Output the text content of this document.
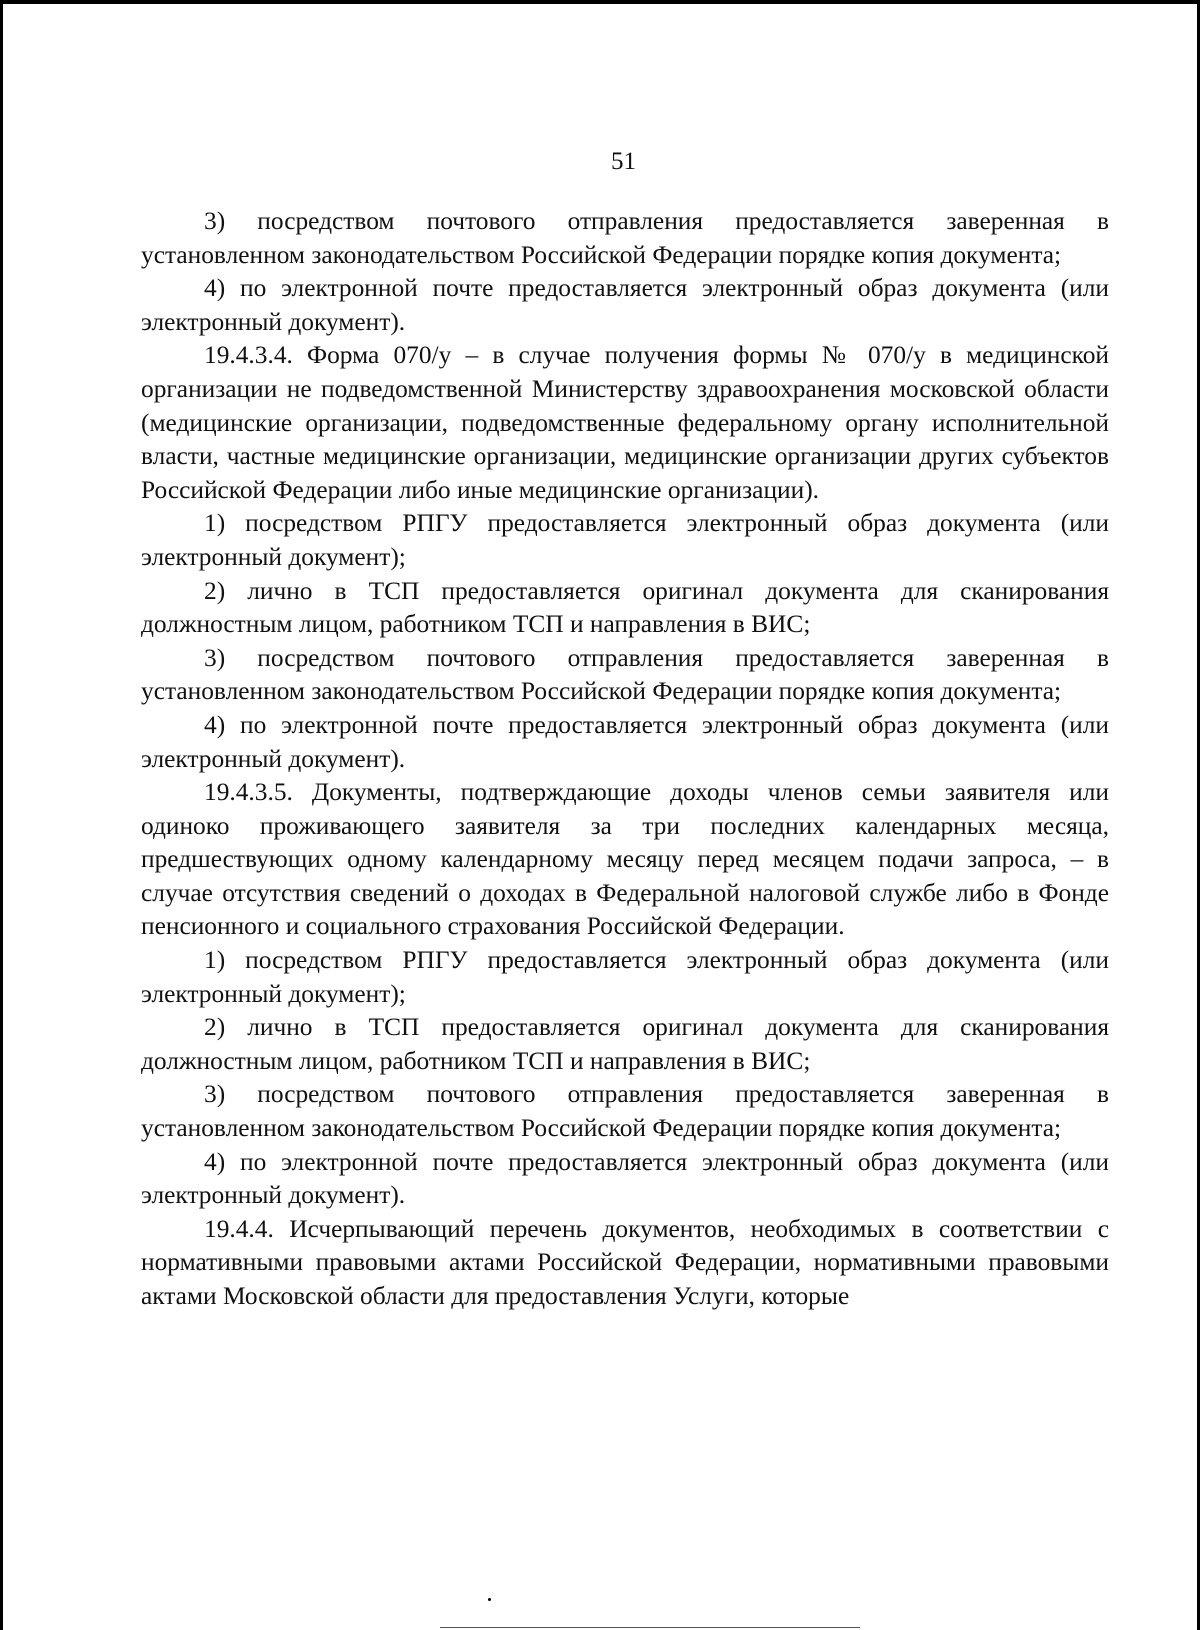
51

3) посредством почтового отправления предоставляется заверенная в установленном законодательством Российской Федерации порядке копия документа;

4) по электронной почте предоставляется электронный образ документа (или электронный документ).

19.4.3.4. Форма 070/у – в случае получения формы № 070/у в медицинской организации не подведомственной Министерству здравоохранения московской области (медицинские организации, подведомственные федеральному органу исполнительной власти, частные медицинские организации, медицинские организации других субъектов Российской Федерации либо иные медицинские организации).

1) посредством РПГУ предоставляется электронный образ документа (или электронный документ);

2) лично в ТСП предоставляется оригинал документа для сканирования должностным лицом, работником ТСП и направления в ВИС;

3) посредством почтового отправления предоставляется заверенная в установленном законодательством Российской Федерации порядке копия документа;

4) по электронной почте предоставляется электронный образ документа (или электронный документ).

19.4.3.5. Документы, подтверждающие доходы членов семьи заявителя или одиноко проживающего заявителя за три последних календарных месяца, предшествующих одному календарному месяцу перед месяцем подачи запроса, – в случае отсутствия сведений о доходах в Федеральной налоговой службе либо в Фонде пенсионного и социального страхования Российской Федерации.

1) посредством РПГУ предоставляется электронный образ документа (или электронный документ);

2) лично в ТСП предоставляется оригинал документа для сканирования должностным лицом, работником ТСП и направления в ВИС;

3) посредством почтового отправления предоставляется заверенная в установленном законодательством Российской Федерации порядке копия документа;

4) по электронной почте предоставляется электронный образ документа (или электронный документ).

19.4.4. Исчерпывающий перечень документов, необходимых в соответствии с нормативными правовыми актами Российской Федерации, нормативными правовыми актами Московской области для предоставления Услуги, которые
